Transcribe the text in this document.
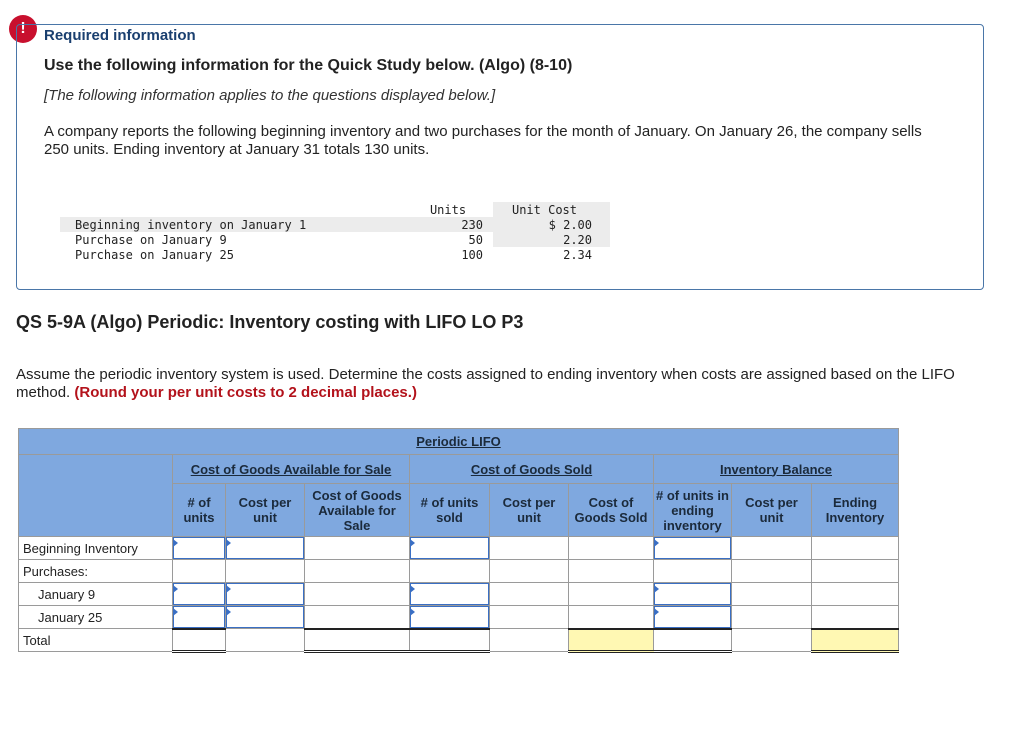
!	Required information
Use the following information for the Quick Study below. (Algo) (8-10)
[The following information applies to the questions displayed below.]
A company reports the following beginning inventory and two purchases for the month of January. On January 26, the company sells 250 units. Ending inventory at January 31 totals 130 units.
	Units	Unit Cost
Beginning inventory on January 1	230	$ 2.00
Purchase on January 9	50	2.20
Purchase on January 25	100	2.34
QS 5-9A (Algo) Periodic: Inventory costing with LIFO LO P3
Assume the periodic inventory system is used. Determine the costs assigned to ending inventory when costs are assigned based on the LIFO method. (Round your per unit costs to 2 decimal places.)
Periodic LIFO									
	Cost of Goods Available for Sale			Cost of Goods Sold			Inventory Balance		
	# of units	Cost per unit	Cost of Goods Available for Sale	# of units sold	Cost per unit	Cost of Goods Sold	# of units in ending inventory	Cost per unit	Ending Inventory
Beginning Inventory									
Purchases:									
January 9									
January 25									
Total									
